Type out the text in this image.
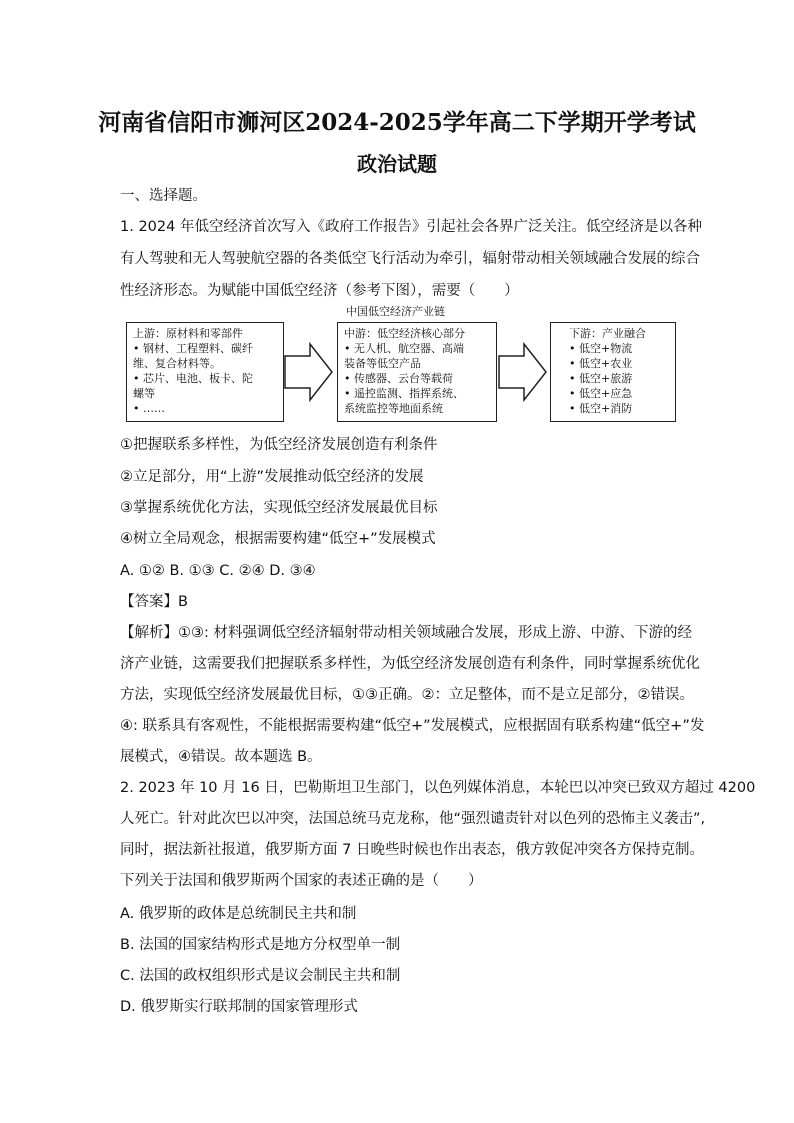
河南省信阳市浉河区2024-2025学年高二下学期开学考试
政治试题
一、选择题。
1. 2024 年低空经济首次写入《政府工作报告》引起社会各界广泛关注。低空经济是以各种
有人驾驶和无人驾驶航空器的各类低空飞行活动为牵引，辐射带动相关领域融合发展的综合
性经济形态。为赋能中国低空经济（参考下图），需要（　　）
中国低空经济产业链
上游：原材料和零部件
• 钢材、工程塑料、碳纤
维、复合材料等。
• 芯片、电池、板卡、陀
螺等
• ……
中游：低空经济核心部分
• 无人机、航空器、高端
装备等低空产品
• 传感器、云台等载荷
• 遥控监测、指挥系统、
系统监控等地面系统
下游：产业融合
• 低空+物流
• 低空+农业
• 低空+旅游
• 低空+应急
• 低空+消防
①把握联系多样性，为低空经济发展创造有利条件
②立足部分，用“上游”发展推动低空经济的发展
③掌握系统优化方法，实现低空经济发展最优目标
④树立全局观念，根据需要构建“低空+”发展模式
A. ①② B. ①③ C. ②④ D. ③④
【答案】B
【解析】①③: 材料强调低空经济辐射带动相关领域融合发展，形成上游、中游、下游的经
济产业链，这需要我们把握联系多样性，为低空经济发展创造有利条件，同时掌握系统优化
方法，实现低空经济发展最优目标，①③正确。②：立足整体，而不是立足部分，②错误。
④: 联系具有客观性，不能根据需要构建“低空+”发展模式，应根据固有联系构建“低空+”发
展模式，④错误。故本题选 B。
2. 2023 年 10 月 16 日，巴勒斯坦卫生部门，以色列媒体消息，本轮巴以冲突已致双方超过 4200
人死亡。针对此次巴以冲突，法国总统马克龙称，他“强烈谴责针对以色列的恐怖主义袭击”,
同时，据法新社报道，俄罗斯方面 7 日晚些时候也作出表态，俄方敦促冲突各方保持克制。
下列关于法国和俄罗斯两个国家的表述正确的是（　　）
A. 俄罗斯的政体是总统制民主共和制
B. 法国的国家结构形式是地方分权型单一制
C. 法国的政权组织形式是议会制民主共和制
D. 俄罗斯实行联邦制的国家管理形式
